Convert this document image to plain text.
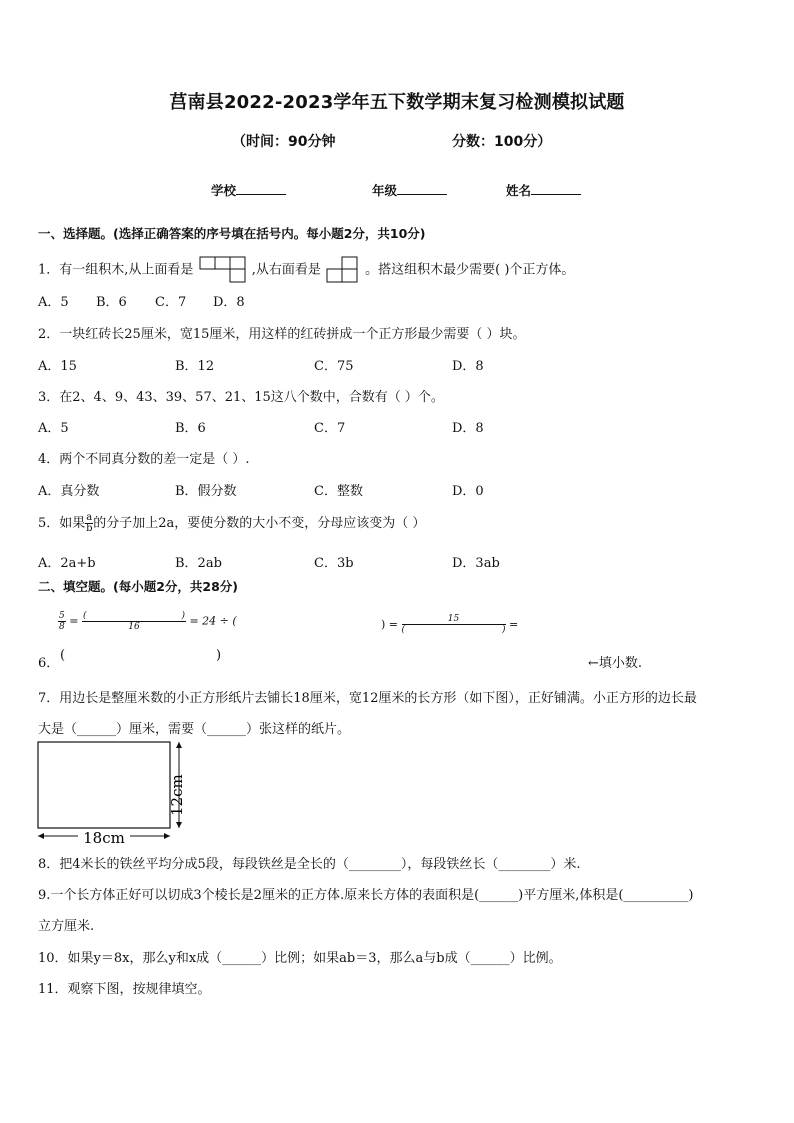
莒南县2022-2023学年五下数学期末复习检测模拟试题
（时间：90分钟	分数：100分）
学校	年级	姓名
一、选择题。(选择正确答案的序号填在括号内。每小题2分，共10分)
1．有一组积木,从上面看是	,从右面看是	。搭这组积木最少需要( )个正方体。
A．5 B．6 C．7 D．8
2．一块红砖长25厘米，宽15厘米，用这样的红砖拼成一个正方形最少需要（ ）块。
A．15	B．12	C．75	D．8
3．在2、4、9、43、39、57、21、15这八个数中，合数有（ ）个。
A．5	B．6	C．7	D．8
4．两个不同真分数的差一定是（ ）.
A．真分数	B．假分数	C．整数	D．0
5．如果 $\frac{a}{b}$ 的分子加上2a，要使分数的大小不变，分母应该变为（ ）
A．2a+b	B．2ab	C．3b	D．3ab
二、填空题。(每小题2分，共28分)
$\frac{5}{8}$ = (	)
16 = 24 ÷ (	) = 15
(	) =
6．
(	)
←填小数.
7．用边长是整厘米数的小正方形纸片去铺长18厘米，宽12厘米的长方形（如下图），正好铺满。小正方形的边长最
大是（______）厘米，需要（______）张这样的纸片。
12cm
18cm
8．把4米长的铁丝平均分成5段，每段铁丝是全长的（________），每段铁丝长（________）米.
9.一个长方体正好可以切成3个棱长是2厘米的正方体.原来长方体的表面积是(______)平方厘米,体积是(__________)
立方厘米.
10．如果y＝8x，那么y和x成（______）比例；如果ab＝3，那么a与b成（______）比例。
11．观察下图，按规律填空。
